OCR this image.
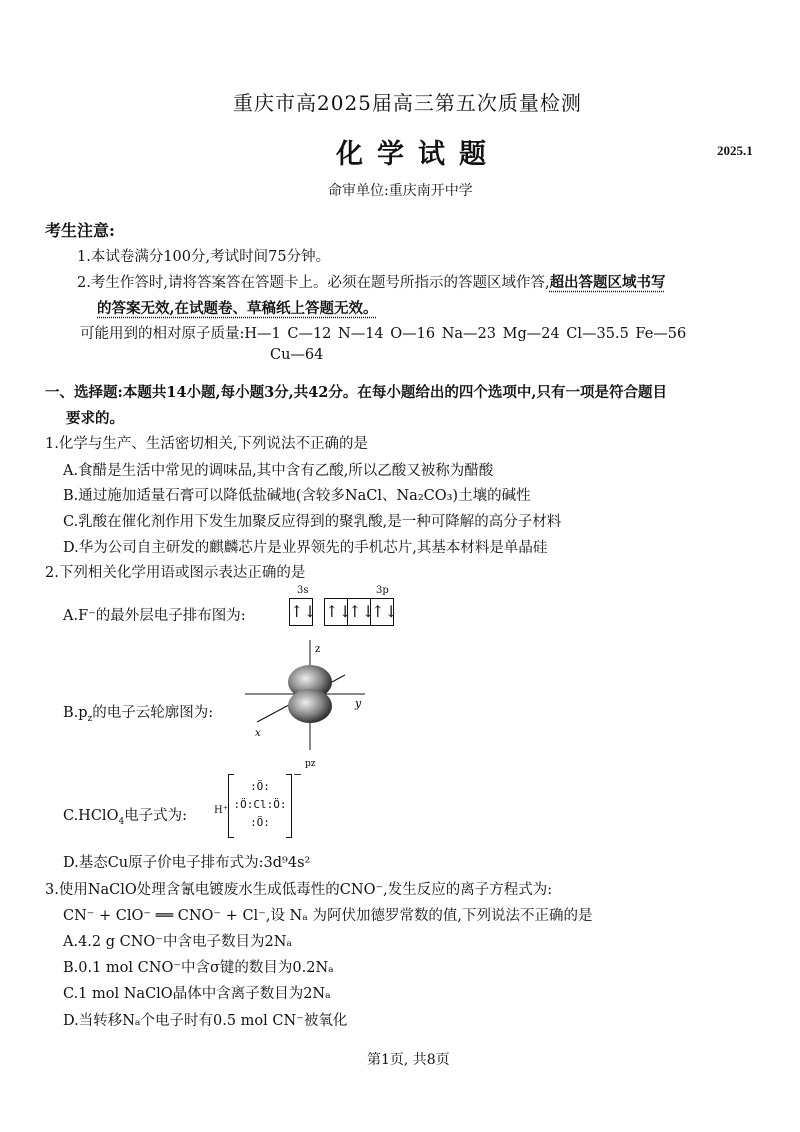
重庆市高2025届高三第五次质量检测
化学试题	2025.1
命审单位:重庆南开中学
考生注意:
1.本试卷满分100分,考试时间75分钟。
2.考生作答时,请将答案答在答题卡上。必须在题号所指示的答题区域作答,超出答题区域书写
的答案无效,在试题卷、草稿纸上答题无效。
可能用到的相对原子质量:H—1 C—12 N—14 O—16 Na—23 Mg—24 Cl—35.5 Fe—56
Cu—64
一、选择题:本题共14小题,每小题3分,共42分。在每小题给出的四个选项中,只有一项是符合题目
要求的。
1.化学与生产、生活密切相关,下列说法不正确的是
A.食醋是生活中常见的调味品,其中含有乙酸,所以乙酸又被称为醋酸
B.通过施加适量石膏可以降低盐碱地(含较多NaCl、Na₂CO₃)土壤的碱性
C.乳酸在催化剂作用下发生加聚反应得到的聚乳酸,是一种可降解的高分子材料
D.华为公司自主研发的麒麟芯片是业界领先的手机芯片,其基本材料是单晶硅
2.下列相关化学用语或图示表达正确的是
A.F⁻的最外层电子排布图为:
3s	3p
↑↓ ↑↓↑↓↑↓
$B.p_z$的电子云轮廓图为:
z
y
x
pz
C.HClO$_4$电子式为:	H⁺
:Ö:
:Ö:Cl:Ö:
:Ö:
−
D.基态Cu原子价电子排布式为:3d⁹4s²
3.使用NaClO处理含氰电镀废水生成低毒性的CNO⁻,发生反应的离子方程式为:
CN⁻ + ClO⁻ ══ CNO⁻ + Cl⁻,设 Nₐ 为阿伏加德罗常数的值,下列说法不正确的是
A.4.2 g CNO⁻中含电子数目为2Nₐ
B.0.1 mol CNO⁻中含σ键的数目为0.2Nₐ
C.1 mol NaClO晶体中含离子数目为2Nₐ
D.当转移Nₐ个电子时有0.5 mol CN⁻被氧化
第1页, 共8页
